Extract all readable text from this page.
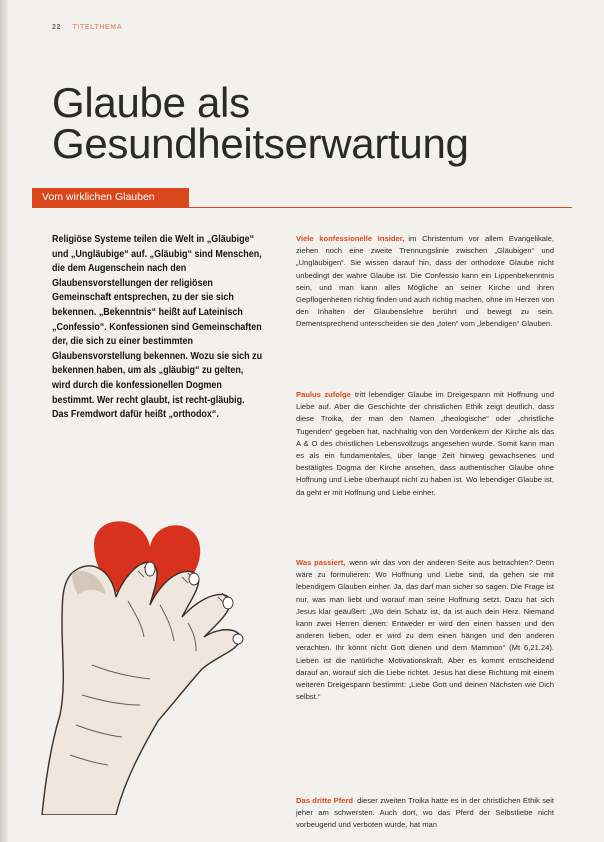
22 TITELTHEMA
Glaube als Gesundheitserwartung
Vom wirklichen Glauben

Religiöse Systeme teilen die Welt in „Gläubige“ und „Ungläubige“ auf. „Gläubig“ sind Menschen, die dem Augenschein nach den Glaubensvorstellungen der religiösen Gemeinschaft entsprechen, zu der sie sich bekennen. „Bekenntnis“ heißt auf Lateinisch „Confessio“. Konfessionen sind Gemeinschaften der, die sich zu einer bestimmten Glaubensvorstellung bekennen. Wozu sie sich zu bekennen haben, um als „gläubig“ zu gelten, wird durch die konfessionellen Dogmen bestimmt. Wer recht glaubt, ist recht-gläubig. Das Fremdwort dafür heißt „orthodox“.

Viele konfessionelle Insider, im Christentum vor allem Evangelikale, ziehen noch eine zweite Trennungslinie zwischen „Gläubigen“ und „Ungläubigen“. Sie wissen darauf hin, dass der orthodoxe Glaube nicht unbedingt der wahre Glaube ist. Die Confessio kann ein Lippenbekenntnis sein, und man kann alles Mögliche an seiner Kirche und ihren Gepflogenheiten richtig finden und auch richtig machen, ohne im Herzen von den Inhalten der Glaubenslehre berührt und bewegt zu sein. Dementsprechend unterscheiden sie den „toten“ vom „lebendigen“ Glauben.

Paulus zufolge tritt lebendiger Glaube im Dreigespann mit Hoffnung und Liebe auf. Aber die Geschichte der christlichen Ethik zeigt deutlich, dass diese Troika, der man den Namen „theologische“ oder „christliche Tugenden“ gegeben hat, nachhaltig von den Vordenkern der Kirche als das A & O des christlichen Lebensvollzugs angesehen wurde. Somit kann man es als ein fundamentales, über lange Zeit hinweg gewachsenes und bestätigtes Dogma der Kirche ansehen, dass authentischer Glaube ohne Hoffnung und Liebe überhaupt nicht zu haben ist. Wo lebendiger Glaube ist, da geht er mit Hoffnung und Liebe einher.

Was passiert, wenn wir das von der anderen Seite aus betrachten? Denn wäre zu formulieren: Wo Hoffnung und Liebe sind, da gehen sie mit lebendigem Glauben einher. Ja, das darf man sicher so sagen. Die Frage ist nur, was man liebt und worauf man seine Hoffnung setzt. Dazu hat sich Jesus klar geäußert: „Wo dein Schatz ist, da ist auch dein Herz. Niemand kann zwei Herren dienen: Entweder er wird den einen hassen und den anderen lieben, oder er wird zu dem einen hängen und den anderen verachten. Ihr könnt nicht Gott dienen und dem Mammon“ (Mt 6,21.24). Lieben ist die natürliche Motivationskraft. Aber es kommt entscheidend darauf an, worauf sich die Liebe richtet. Jesus hat diese Richtung mit einem weiteren Dreigespann bestimmt: „Liebe Gott und deinen Nächsten wie Dich selbst.“

Das dritte Pferd dieser zweiten Troika hatte es in der christlichen Ethik seit jeher am schwersten. Auch dort, wo das Pferd der Selbstliebe nicht vorbeugend und verboten wurde, hat man
